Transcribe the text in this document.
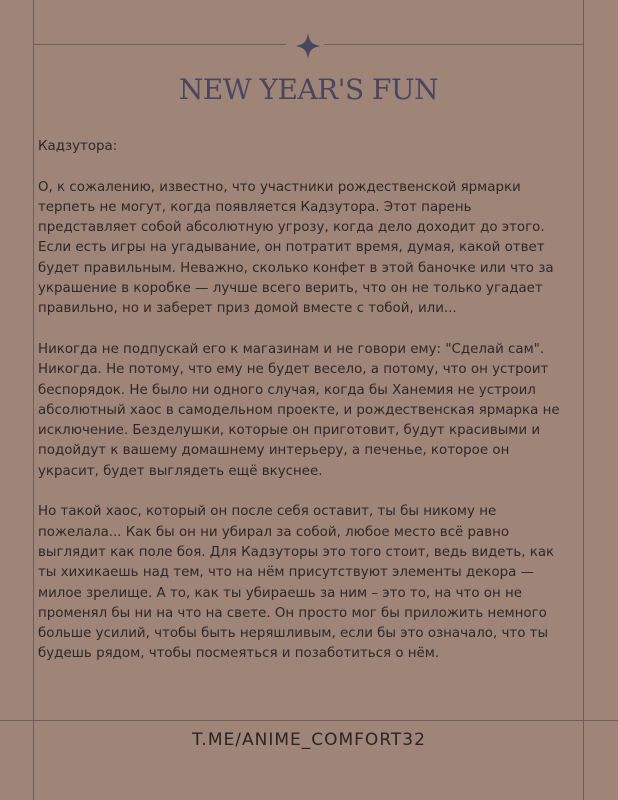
NEW YEAR'S FUN

Кадзутора:

О, к сожалению, известно, что участники рождественской ярмарки терпеть не могут, когда появляется Кадзутора. Этот парень представляет собой абсолютную угрозу, когда дело доходит до этого. Если есть игры на угадывание, он потратит время, думая, какой ответ будет правильным. Неважно, сколько конфет в этой баночке или что за украшение в коробке — лучше всего верить, что он не только угадает правильно, но и заберет приз домой вместе с тобой, или...

Никогда не подпускай его к магазинам и не говори ему: "Сделай сам". Никогда. Не потому, что ему не будет весело, а потому, что он устроит беспорядок. Не было ни одного случая, когда бы Ханемия не устроил абсолютный хаос в самодельном проекте, и рождественская ярмарка не исключение. Безделушки, которые он приготовит, будут красивыми и подойдут к вашему домашнему интерьеру, а печенье, которое он украсит, будет выглядеть ещё вкуснее.

Но такой хаос, который он после себя оставит, ты бы никому не пожелала... Как бы он ни убирал за собой, любое место всё равно выглядит как поле боя. Для Кадзуторы это того стоит, ведь видеть, как ты хихикаешь над тем, что на нём присутствуют элементы декора — милое зрелище. А то, как ты убираешь за ним – это то, на что он не променял бы ни на что на свете. Он просто мог бы приложить немного больше усилий, чтобы быть неряшливым, если бы это означало, что ты будешь рядом, чтобы посмеяться и позаботиться о нём.

T.ME/ANIME_COMFORT32
